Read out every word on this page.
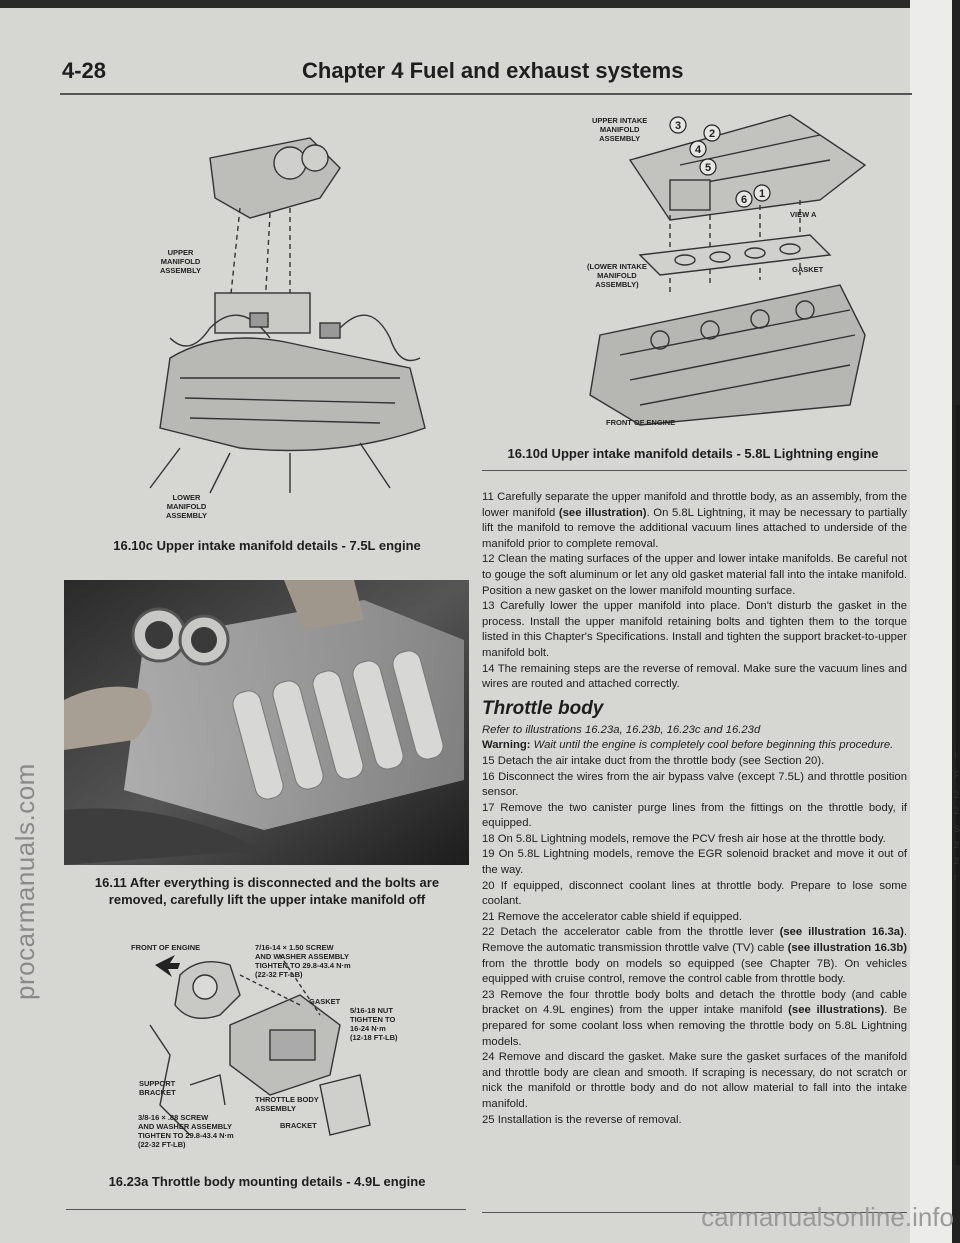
I
F
2
2
S
2
2
r
4-28	Chapter 4 Fuel and exhaust systems
UPPER
MANIFOLD
ASSEMBLY
LOWER
MANIFOLD
ASSEMBLY
16.10c Upper intake manifold details - 7.5L engine
UPPER INTAKE
MANIFOLD
ASSEMBLY
(LOWER INTAKE
MANIFOLD
ASSEMBLY)
GASKET
VIEW A
FRONT OF ENGINE
3
2
4
5
6 1
16.10d Upper intake manifold details - 5.8L Lightning engine
16.11 After everything is disconnected and the bolts are
removed, carefully lift the upper intake manifold off
FRONT OF ENGINE	7/16-14 × 1.50 SCREW
AND WASHER ASSEMBLY
TIGHTEN TO 29.8-43.4 N·m
(22-32 FT-LB)
GASKET
5/16-18 NUT
TIGHTEN TO
16-24 N·m
(12-18 FT-LB)
SUPPORT
BRACKET
THROTTLE BODY
ASSEMBLY
3/8-16 × .88 SCREW
AND WASHER ASSEMBLY
TIGHTEN TO 29.8-43.4 N·m
(22-32 FT-LB)
BRACKET
16.23a Throttle body mounting details - 4.9L engine

11 Carefully separate the upper manifold and throttle body, as an assembly, from the lower manifold (see illustration). On 5.8L Lightning, it may be necessary to partially lift the manifold to remove the additional vacuum lines attached to underside of the manifold prior to complete removal.

12 Clean the mating surfaces of the upper and lower intake manifolds. Be careful not to gouge the soft aluminum or let any old gasket material fall into the intake manifold. Position a new gasket on the lower manifold mounting surface.

13 Carefully lower the upper manifold into place. Don't disturb the gasket in the process. Install the upper manifold retaining bolts and tighten them to the torque listed in this Chapter's Specifications. Install and tighten the support bracket-to-upper manifold bolt.

14 The remaining steps are the reverse of removal. Make sure the vacuum lines and wires are routed and attached correctly.

Throttle body

Refer to illustrations 16.23a, 16.23b, 16.23c and 16.23d

Warning: Wait until the engine is completely cool before beginning this procedure.

15 Detach the air intake duct from the throttle body (see Section 20).

16 Disconnect the wires from the air bypass valve (except 7.5L) and throttle position sensor.

17 Remove the two canister purge lines from the fittings on the throttle body, if equipped.

18 On 5.8L Lightning models, remove the PCV fresh air hose at the throttle body.

19 On 5.8L Lightning models, remove the EGR solenoid bracket and move it out of the way.

20 If equipped, disconnect coolant lines at throttle body. Prepare to lose some coolant.

21 Remove the accelerator cable shield if equipped.

22 Detach the accelerator cable from the throttle lever (see illustration 16.3a). Remove the automatic transmission throttle valve (TV) cable (see illustration 16.3b) from the throttle body on models so equipped (see Chapter 7B). On vehicles equipped with cruise control, remove the control cable from throttle body.

23 Remove the four throttle body bolts and detach the throttle body (and cable bracket on 4.9L engines) from the upper intake manifold (see illustrations). Be prepared for some coolant loss when removing the throttle body on 5.8L Lightning models.

24 Remove and discard the gasket. Make sure the gasket surfaces of the manifold and throttle body are clean and smooth. If scraping is necessary, do not scratch or nick the manifold or throttle body and do not allow material to fall into the intake manifold.

25 Installation is the reverse of removal.

procarmanuals.com
carmanualsonline.info
